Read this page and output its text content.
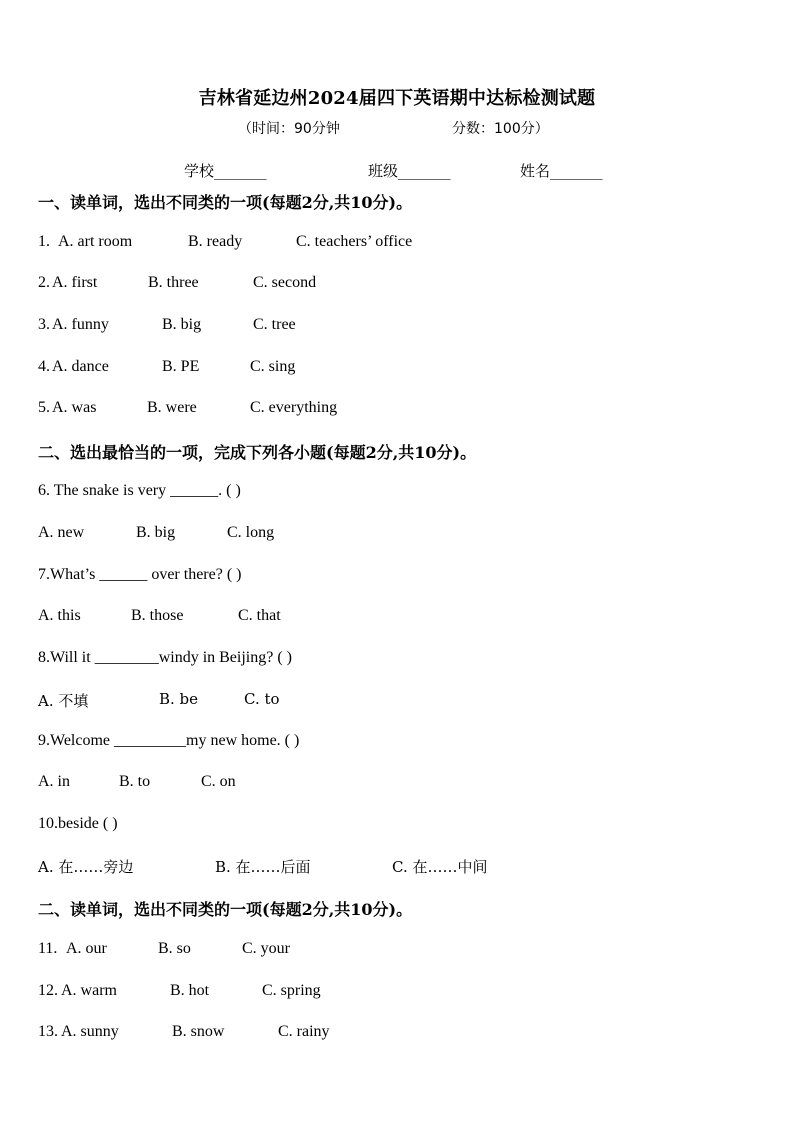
吉林省延边州2024届四下英语期中达标检测试题
（时间：90分钟	分数：100分）
学校_______	班级_______	姓名_______
一、读单词，选出不同类的一项(每题2分,共10分)。
1. A. art room	B. ready	C. teachers’ office
2. A. first	B. three	C. second
3. A. funny	B. big	C. tree
4. A. dance	B. PE	C. sing
5. A. was	B. were	C. everything
二、选出最恰当的一项，完成下列各小题(每题2分,共10分)。
6. The snake is very ______. ( )
A. new	B. big	C. long
7.What’s ______ over there? ( )
A. this	B. those	C. that
8.Will it ________windy in Beijing? ( )
A. 不填	B. be	C. to
9.Welcome _________my new home. ( )
A. in	B. to	C. on
10.beside ( )
A. 在……旁边	B. 在……后面	C. 在……中间
二、读单词，选出不同类的一项(每题2分,共10分)。
11. A. our	B. so	C. your
12. A. warm	B. hot	C. spring
13. A. sunny	B. snow	C. rainy
